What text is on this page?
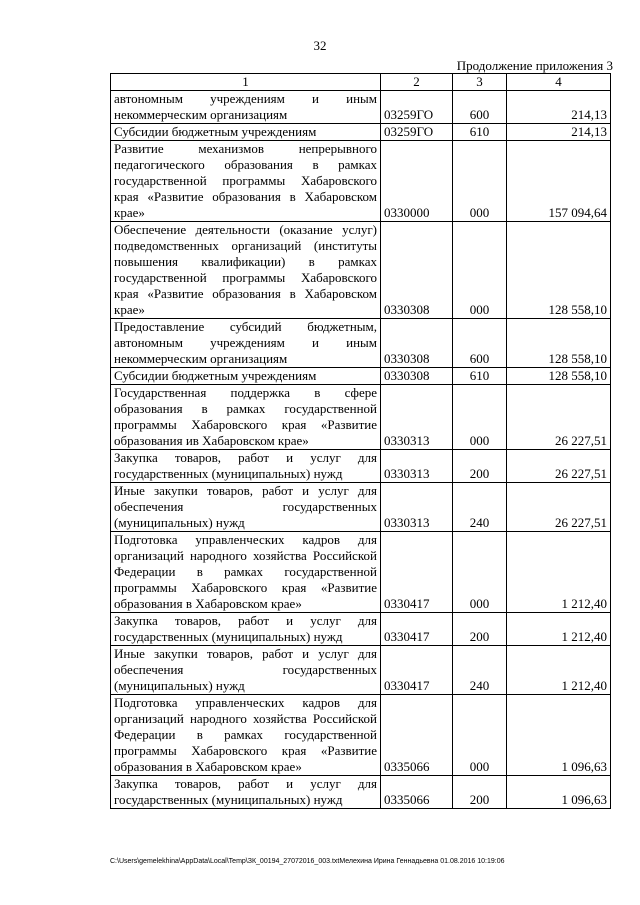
32
Продолжение приложения 3
1	2	3	4
автономным учреждениям и иным некоммерческим организациям	03259ГО	600	214,13
Субсидии бюджетным учреждениям	03259ГО	610	214,13
Развитие механизмов непрерывного педагогического образования в рамках государственной программы Хабаровского края «Развитие образования в Хабаровском крае»	0330000	000	157 094,64
Обеспечение деятельности (оказание услуг) подведомственных организаций (институты повышения квалификации) в рамках государственной программы Хабаровского края «Развитие образования в Хабаровском крае»	0330308	000	128 558,10
Предоставление субсидий бюджетным, автономным учреждениям и иным некоммерческим организациям	0330308	600	128 558,10
Субсидии бюджетным учреждениям	0330308	610	128 558,10
Государственная поддержка в сфере образования в рамках государственной программы Хабаровского края «Развитие образования ив Хабаровском крае»	0330313	000	26 227,51
Закупка товаров, работ и услуг для государственных (муниципальных) нужд	0330313	200	26 227,51
Иные закупки товаров, работ и услуг для обеспечения государственных (муниципальных) нужд	0330313	240	26 227,51
Подготовка управленческих кадров для организаций народного хозяйства Российской Федерации в рамках государственной программы Хабаровского края «Развитие образования в Хабаровском крае»	0330417	000	1 212,40
Закупка товаров, работ и услуг для государственных (муниципальных) нужд	0330417	200	1 212,40
Иные закупки товаров, работ и услуг для обеспечения государственных (муниципальных) нужд	0330417	240	1 212,40
Подготовка управленческих кадров для организаций народного хозяйства Российской Федерации в рамках государственной программы Хабаровского края «Развитие образования в Хабаровском крае»	0335066	000	1 096,63
Закупка товаров, работ и услуг для государственных (муниципальных) нужд	0335066	200	1 096,63
C:\Users\gemelekhina\AppData\Local\Temp\ЗК_00194_27072016_003.txtМелехина Ирина Геннадьевна 01.08.2016 10:19:06
